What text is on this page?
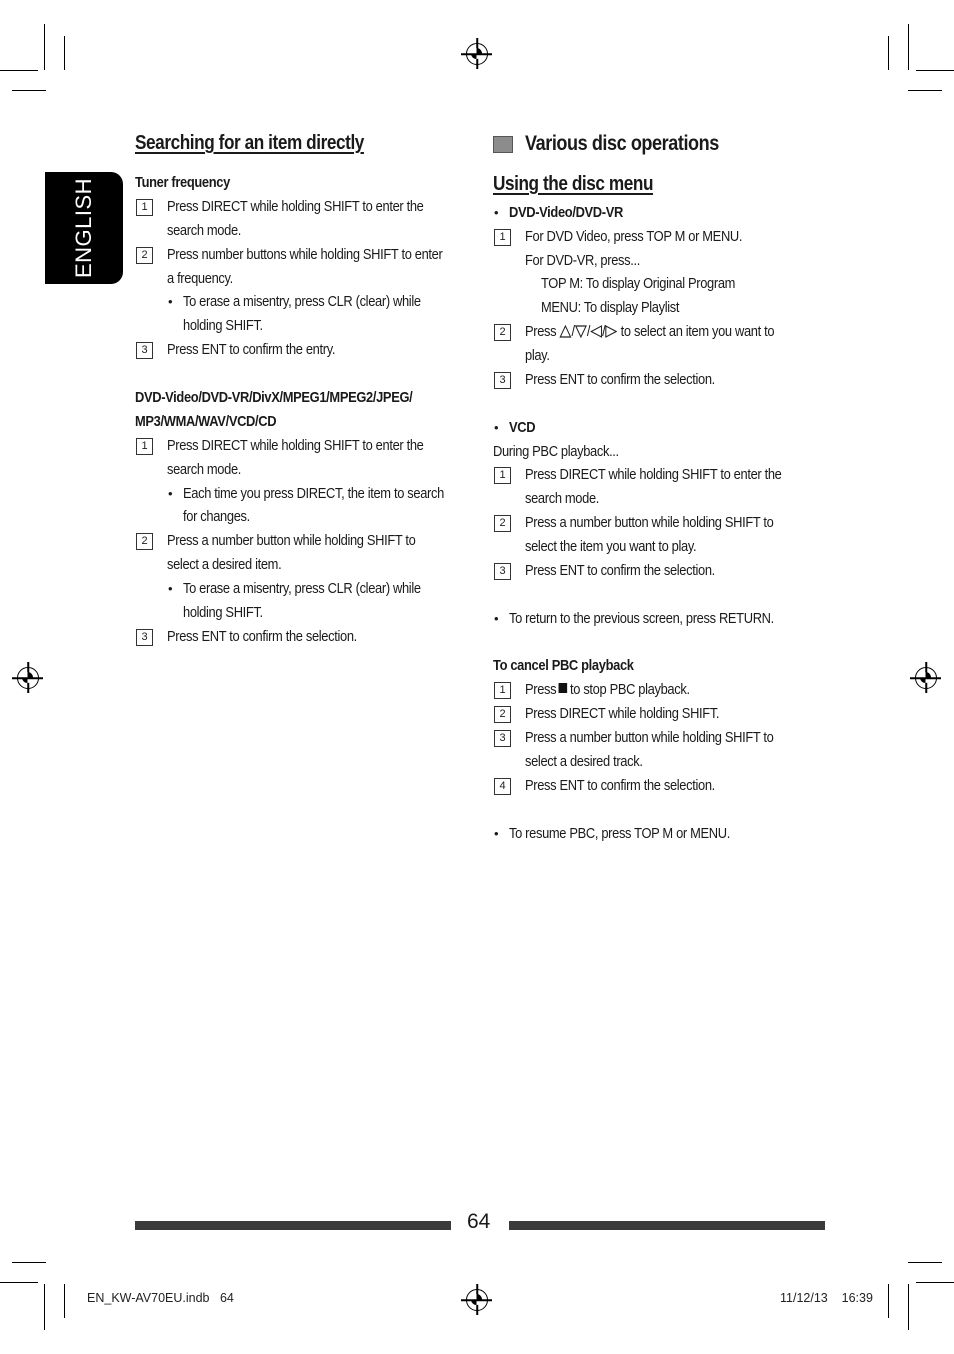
ENGLISH
Searching for an item directly
Tuner frequency
1	Press DIRECT while holding SHIFT to enter the
search mode.
2	Press number buttons while holding SHIFT to enter
a frequency.
• To erase a misentry, press CLR (clear) while
holding SHIFT.
3	Press ENT to confirm the entry.
DVD-Video/DVD-VR/DivX/MPEG1/MPEG2/JPEG/
MP3/WMA/WAV/VCD/CD
1	Press DIRECT while holding SHIFT to enter the
search mode.
• Each time you press DIRECT, the item to search
for changes.
2	Press a number button while holding SHIFT to
select a desired item.
• To erase a misentry, press CLR (clear) while
holding SHIFT.
3	Press ENT to confirm the selection.
Various disc operations
Using the disc menu
• DVD-Video/DVD-VR
1	For DVD Video, press TOP M or MENU.
For DVD-VR, press...
TOP M: To display Original Program
MENU: To display Playlist
2	Press / / / to select an item you want to
play.
3	Press ENT to confirm the selection.
• VCD
During PBC playback...
1	Press DIRECT while holding SHIFT to enter the
search mode.
2	Press a number button while holding SHIFT to
select the item you want to play.
3	Press ENT to confirm the selection.
• To return to the previous screen, press RETURN.
To cancel PBC playback
1	Press to stop PBC playback.
2	Press DIRECT while holding SHIFT.
3	Press a number button while holding SHIFT to
select a desired track.
4	Press ENT to confirm the selection.
• To resume PBC, press TOP M or MENU.
64
EN_KW-AV70EU.indb 64	11/12/13 16:39
